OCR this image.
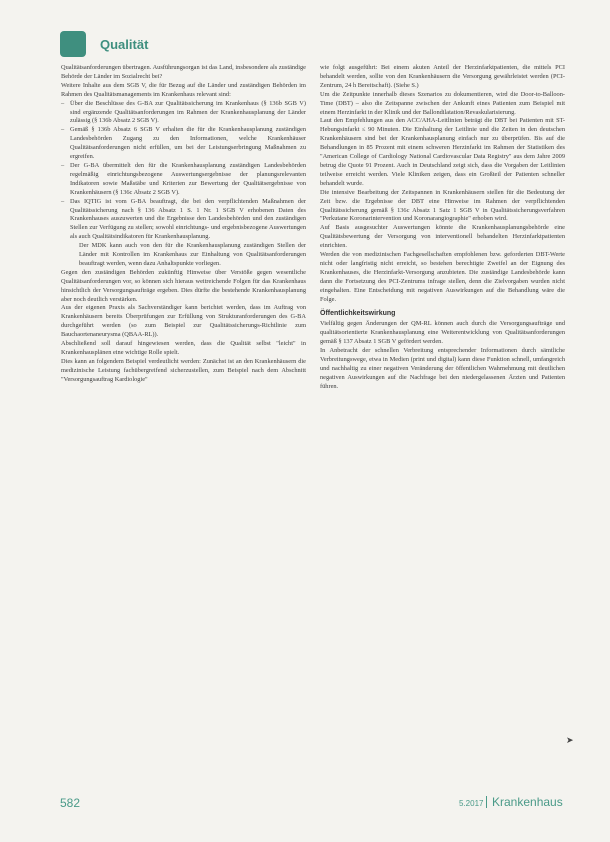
Qualität

Qualitätsanforderungen übertragen. Ausführungsorgan ist das Land, insbesondere als zuständige Behörde der Länder im Sozialrecht bei?

Weitere Inhalte aus dem SGB V, die für Bezug auf die Länder und zuständigen Behörden im Rahmen des Qualitätsmanagements im Krankenhaus relevant sind:

– Über die Beschlüsse des G-BA zur Qualitätssicherung im Krankenhaus (§ 136b SGB V) sind ergänzende Qualitätsanforderungen im Rahmen der Krankenhausplanung der Länder zulässig (§ 136b Absatz 2 SGB V).
– Gemäß § 136b Absatz 6 SGB V erhalten die für die Krankenhausplanung zuständigen Landesbehörden Zugang zu den Informationen, welche Krankenhäuser Qualitätsanforderungen nicht erfüllen, um bei der Leistungserbringung Maßnahmen zu ergreifen.
– Der G-BA übermittelt den für die Krankenhausplanung zuständigen Landesbehörden regelmäßig einrichtungsbezogene Auswertungsergebnisse der planungsrelevanten Indikatoren sowie Maßstäbe und Kriterien zur Bewertung der Qualitätsergebnisse von Krankenhäusern (§ 136c Absatz 2 SGB V).
– Das IQTIG ist vom G-BA beauftragt, die bei den verpflichtenden Maßnahmen der Qualitätssicherung nach § 136 Absatz 1 S. 1 Nr. 1 SGB V erhobenen Daten des Krankenhauses auszuwerten und die Ergebnisse den Landesbehörden und den zuständigen Stellen zur Verfügung zu stellen; sowohl einrichtungs- und ergebnisbezogene Auswertungen als auch Qualitätsindikatoren für Krankenhausplanung.

Der MDK kann auch von den für die Krankenhausplanung zuständigen Stellen der Länder mit Kontrollen im Krankenhaus zur Einhaltung von Qualitätsanforderungen beauftragt werden, wenn dazu Anhaltspunkte vorliegen.

Gegen den zuständigen Behörden zukünftig Hinweise über Verstöße gegen wesentliche Qualitätsanforderungen vor, so können sich hieraus weitreichende Folgen für das Krankenhaus hinsichtlich der Versorgungsaufträge ergeben. Dies dürfte die bestehende Krankenhausplanung aber noch deutlich verstärken.

Aus der eigenen Praxis als Sachverständiger kann berichtet werden, dass im Auftrag von Krankenhäusern bereits Überprüfungen zur Erfüllung von Strukturanforderungen des G-BA durchgeführt werden (so zum Beispiel zur Qualitätssicherungs-Richtlinie zum Bauchaortenaneurysma (QBAA-RL)).

Abschließend soll darauf hingewiesen werden, dass die Qualität selbst "leicht" in Krankenhausplänen eine wichtige Rolle spielt.

Dies kann an folgendem Beispiel verdeutlicht werden: Zunächst ist an den Krankenhäusern die medizinische Leistung fachübergreifend sicherzustellen, zum Beispiel nach dem Abschnitt "Versorgungsauftrag Kardiologie"

wie folgt ausgeführt: Bei einem akuten Anteil der Herzinfarktpatienten, die mittels PCI behandelt werden, sollte von den Krankenhäusern die Versorgung gewährleistet werden (PCI- Zentrum, 24 h Bereitschaft). (Siehe S.)

Um die Zeitpunkte innerhalb dieses Szenarios zu dokumentieren, wird die Door-to-Balloon-Time (DBT) – also die Zeitspanne zwischen der Ankunft eines Patienten zum Beispiel mit einem Herzinfarkt in der Klinik und der Ballondilatation/Revaskularisierung.

Laut den Empfehlungen aus den ACC/AHA-Leitlinien beträgt die DBT bei Patienten mit ST-Hebungsinfarkt ≤ 90 Minuten. Die Einhaltung der Leitlinie und die Zeiten in den deutschen Krankenhäusern sind bei der Krankenhausplanung einfach nur zu überprüfen. Bis auf die Behandlungen in 85 Prozent mit einem schweren Herzinfarkt im Rahmen der Statistiken des "American College of Cardiology National Cardiovascular Data Registry" aus dem Jahre 2009 betrug die Quote 91 Prozent. Auch in Deutschland zeigt sich, dass die Vorgaben der Leitlinien teilweise erreicht werden. Viele Kliniken zeigen, dass ein Großteil der Patienten schneller behandelt wurde.

Die intensive Bearbeitung der Zeitspannen in Krankenhäusern stellen für die Bedeutung der Zeit bzw. die Ergebnisse der DBT eine Hinweise im Rahmen der verpflichtenden Qualitätssicherung gemäß § 136c Absatz 1 Satz 1 SGB V in Qualitätssicherungsverfahren "Perkutane Koronarintervention und Koronarangiographie" erhoben wird.

Auf Basis ausgesuchter Auswertungen könnte die Krankenhausplanungsbehörde eine Qualitätsbewertung der Versorgung von interventionell behandelten Herzinfarktpatienten einrichten.

Werden die von medizinischen Fachgesellschaften empfohlenen bzw. geforderten DBT-Werte nicht oder langfristig nicht erreicht, so bestehen berechtigte Zweifel an der Eignung des Krankenhauses, die Herzinfarkt-Versorgung anzubieten. Die zuständige Landesbehörde kann dann die Fortsetzung des PCI-Zentrums infrage stellen, denn die Zielvorgaben wurden nicht eingehalten. Eine Entscheidung mit negativen Auswirkungen auf die Behandlung wäre die Folge.

Öffentlichkeitswirkung

Vielfältig gegen Änderungen der QM-RL können auch durch die Versorgungsaufträge und qualitätsorientierte Krankenhausplanung eine Weiterentwicklung von Qualitätsanforderungen gemäß § 137 Absatz 1 SGB V gefördert werden.

In Anbetracht der schnellen Verbreitung entsprechender Informationen durch sämtliche Verbreitungswege, etwa in Medien (print und digital) kann diese Funktion schnell, umfangreich und nachhaltig zu einer negativen Veränderung der öffentlichen Wahrnehmung mit deutlichen negativen Auswirkungen auf die Nachfrage bei den niedergelassenen Ärzten und Patienten führen.

➤
582	5.2017 Krankenhaus
